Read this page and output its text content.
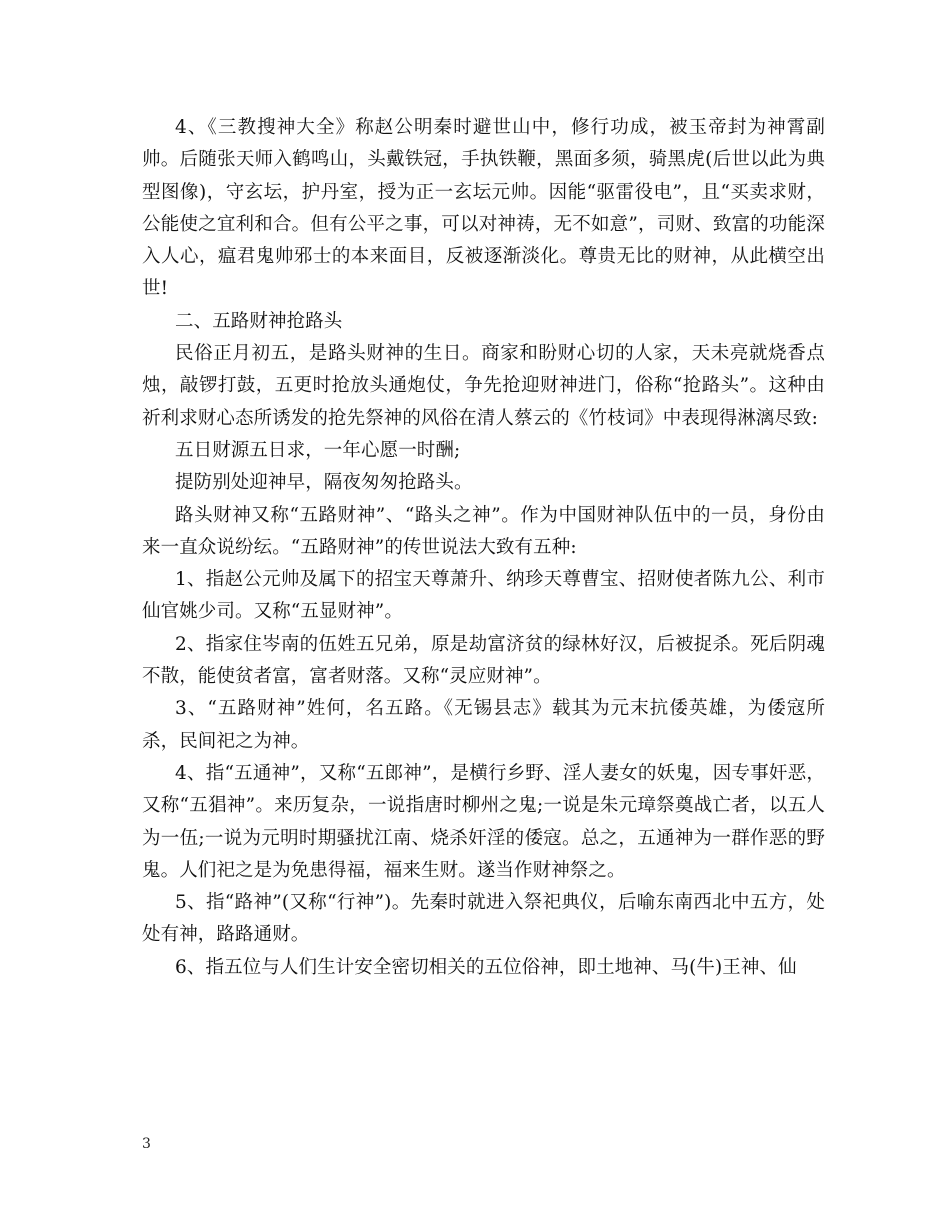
4、《三教搜神大全》称赵公明秦时避世山中，修行功成，被玉帝封为神霄副帅。后随张天师入鹤鸣山，头戴铁冠，手执铁鞭，黑面多须，骑黑虎(后世以此为典型图像)，守玄坛，护丹室，授为正一玄坛元帅。因能“驱雷役电”，且“买卖求财，公能使之宜利和合。但有公平之事，可以对神祷，无不如意”，司财、致富的功能深入人心，瘟君鬼帅邪士的本来面目，反被逐渐淡化。尊贵无比的财神，从此横空出世!

二、五路财神抢路头

民俗正月初五，是路头财神的生日。商家和盼财心切的人家，天未亮就烧香点烛，敲锣打鼓，五更时抢放头通炮仗，争先抢迎财神进门，俗称“抢路头”。这种由祈利求财心态所诱发的抢先祭神的风俗在清人蔡云的《竹枝词》中表现得淋漓尽致:

五日财源五日求，一年心愿一时酬;

提防别处迎神早，隔夜匆匆抢路头。

路头财神又称“五路财神”、“路头之神”。作为中国财神队伍中的一员，身份由来一直众说纷纭。“五路财神”的传世说法大致有五种:

1、指赵公元帅及属下的招宝天尊萧升、纳珍天尊曹宝、招财使者陈九公、利市仙官姚少司。又称“五显财神”。

2、指家住岑南的伍姓五兄弟，原是劫富济贫的绿林好汉，后被捉杀。死后阴魂不散，能使贫者富，富者财落。又称“灵应财神”。

3、“五路财神”姓何，名五路。《无锡县志》载其为元末抗倭英雄，为倭寇所杀，民间祀之为神。

4、指“五通神”，又称“五郎神”，是横行乡野、淫人妻女的妖鬼，因专事奸恶，又称“五猖神”。来历复杂，一说指唐时柳州之鬼;一说是朱元璋祭奠战亡者，以五人为一伍;一说为元明时期骚扰江南、烧杀奸淫的倭寇。总之，五通神为一群作恶的野鬼。人们祀之是为免患得福，福来生财。遂当作财神祭之。

5、指“路神”(又称“行神”)。先秦时就进入祭祀典仪，后喻东南西北中五方，处处有神，路路通财。

6、指五位与人们生计安全密切相关的五位俗神，即土地神、马(牛)王神、仙

3
